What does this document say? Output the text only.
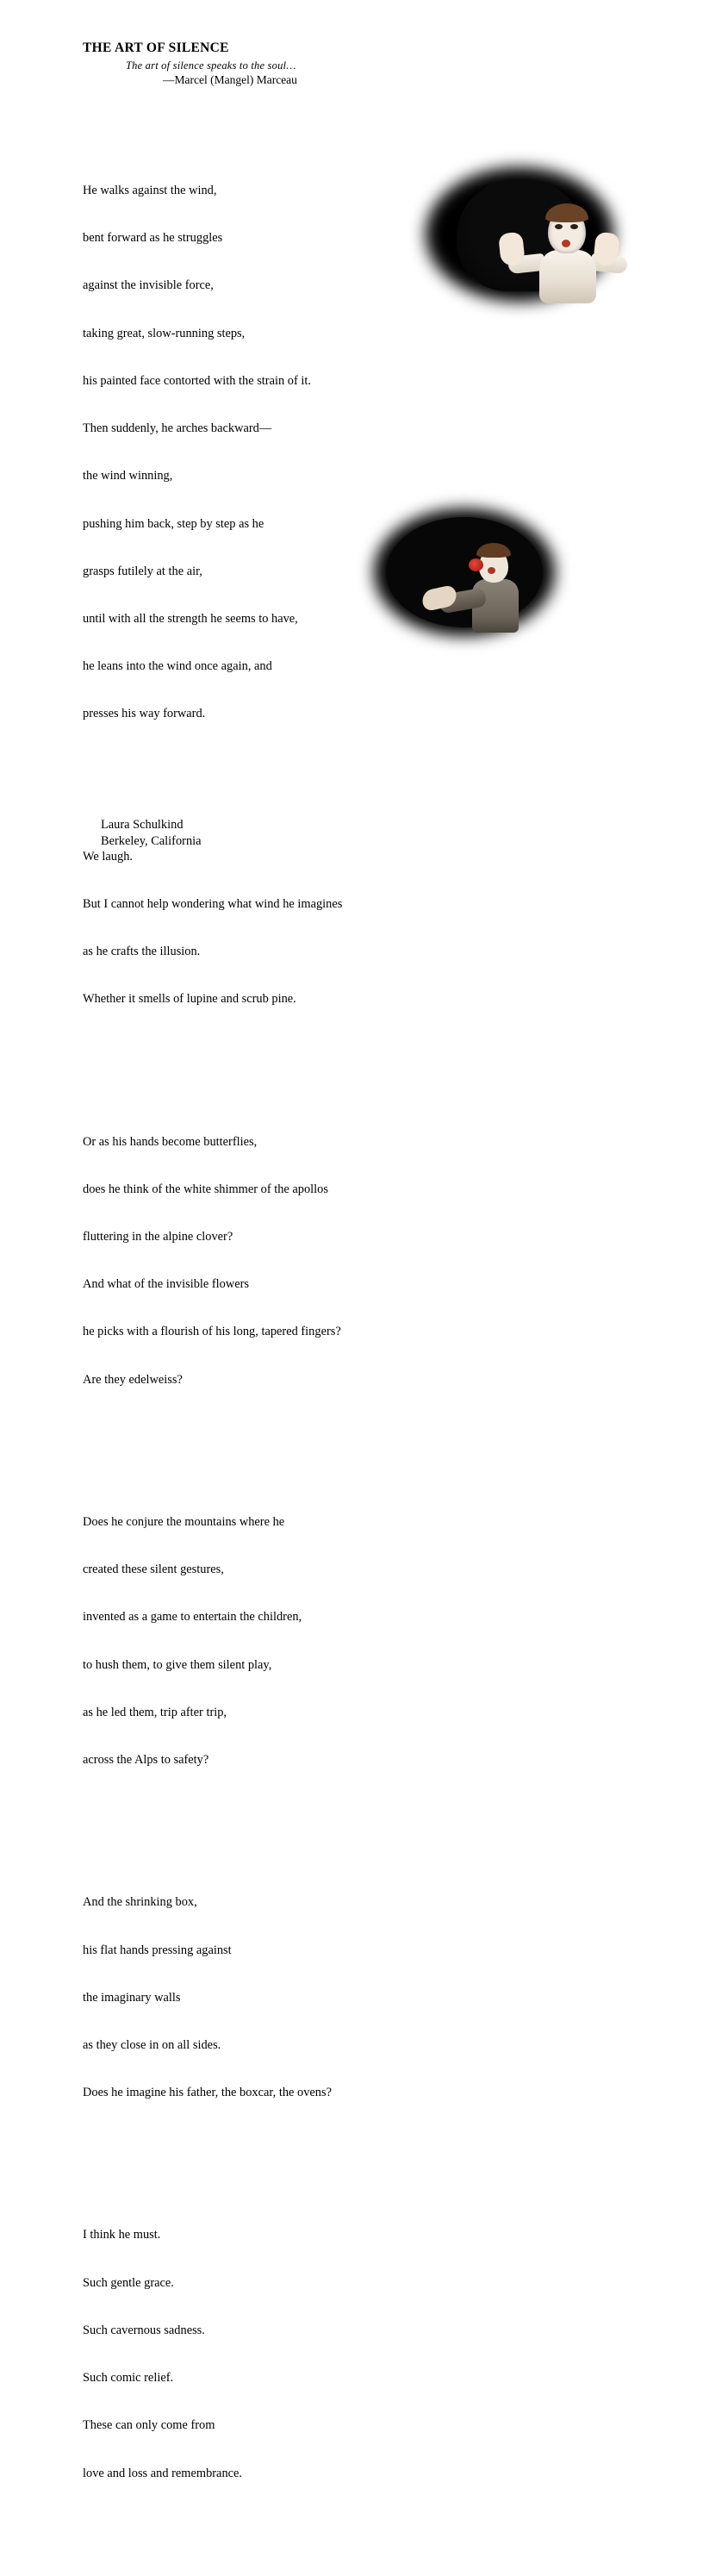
THE ART OF SILENCE
The art of silence speaks to the soul…
—Marcel (Mangel) Marceau

He walks against the wind,

bent forward as he struggles

against the invisible force,

taking great, slow-running steps,

his painted face contorted with the strain of it.

Then suddenly, he arches backward—

the wind winning,

pushing him back, step by step as he

grasps futilely at the air,

until with all the strength he seems to have,

he leans into the wind once again, and

presses his way forward.

We laugh.

But I cannot help wondering what wind he imagines

as he crafts the illusion.

Whether it smells of lupine and scrub pine.

Or as his hands become butterflies,

does he think of the white shimmer of the apollos

fluttering in the alpine clover?

And what of the invisible flowers

he picks with a flourish of his long, tapered fingers?

Are they edelweiss?

Does he conjure the mountains where he

created these silent gestures,

invented as a game to entertain the children,

to hush them, to give them silent play,

as he led them, trip after trip,

across the Alps to safety?

And the shrinking box,

his flat hands pressing against

the imaginary walls

as they close in on all sides.

Does he imagine his father, the boxcar, the ovens?

I think he must.

Such gentle grace.

Such cavernous sadness.

Such comic relief.

These can only come from

love and loss and remembrance.

Laura Schulkind
Berkeley, California
